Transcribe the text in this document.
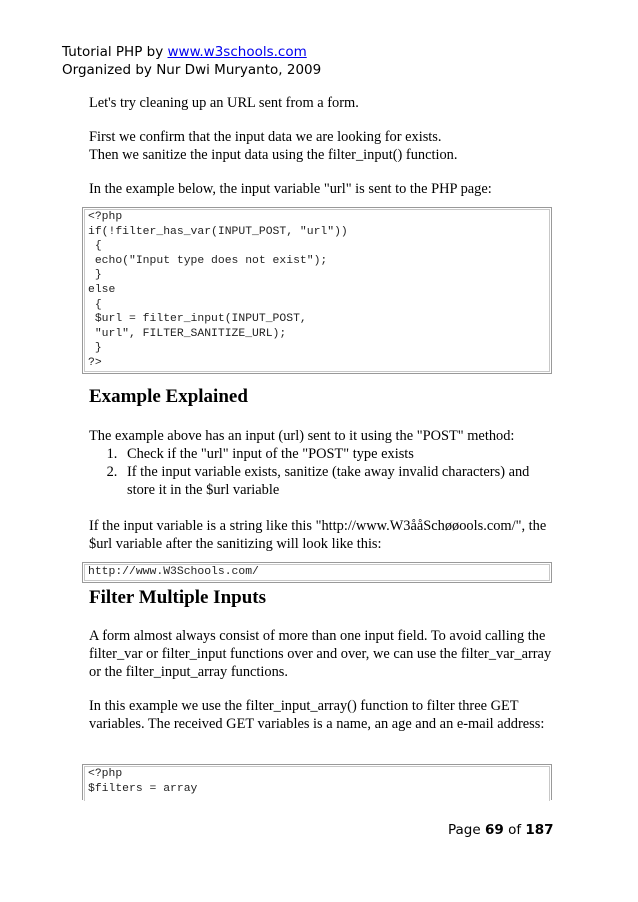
Tutorial PHP by www.w3schools.com
Organized by Nur Dwi Muryanto, 2009
Let's try cleaning up an URL sent from a form.
First we confirm that the input data we are looking for exists.
Then we sanitize the input data using the filter_input() function.
In the example below, the input variable "url" is sent to the PHP page:
<?php
if(!filter_has_var(INPUT_POST, "url"))
{
echo("Input type does not exist");
}
else
{
$url = filter_input(INPUT_POST,
"url", FILTER_SANITIZE_URL);
}
?>
Example Explained
The example above has an input (url) sent to it using the "POST" method:
1. Check if the "url" input of the "POST" type exists
2. If the input variable exists, sanitize (take away invalid characters) and store it in the $url variable
If the input variable is a string like this "http://www.W3ååSchøøools.com/", the $url variable after the sanitizing will look like this:
http://www.W3Schools.com/
Filter Multiple Inputs
A form almost always consist of more than one input field. To avoid calling the filter_var or filter_input functions over and over, we can use the filter_var_array or the filter_input_array functions.
In this example we use the filter_input_array() function to filter three GET variables. The received GET variables is a name, an age and an e-mail address:
<?php
$filters = array
Page 69 of 187
